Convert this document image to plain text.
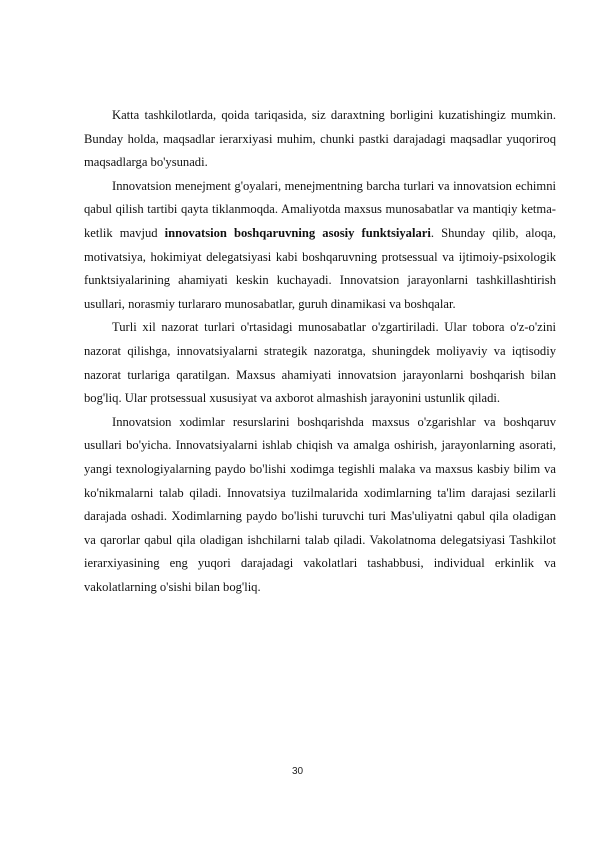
Katta tashkilotlarda, qoida tariqasida, siz daraxtning borligini kuzatishingiz mumkin. Bunday holda, maqsadlar ierarxiyasi muhim, chunki pastki darajadagi maqsadlar yuqoriroq maqsadlarga bo'ysunadi.

Innovatsion menejment g'oyalari, menejmentning barcha turlari va innovatsion echimni qabul qilish tartibi qayta tiklanmoqda. Amaliyotda maxsus munosabatlar va mantiqiy ketma-ketlik mavjud innovatsion boshqaruvning asosiy funktsiyalari. Shunday qilib, aloqa, motivatsiya, hokimiyat delegatsiyasi kabi boshqaruvning protsessual va ijtimoiy-psixologik funktsiyalarining ahamiyati keskin kuchayadi. Innovatsion jarayonlarni tashkillashtirish usullari, norasmiy turlararo munosabatlar, guruh dinamikasi va boshqalar.

Turli xil nazorat turlari o'rtasidagi munosabatlar o'zgartiriladi. Ular tobora o'z-o'zini nazorat qilishga, innovatsiyalarni strategik nazoratga, shuningdek moliyaviy va iqtisodiy nazorat turlariga qaratilgan. Maxsus ahamiyati innovatsion jarayonlarni boshqarish bilan bog'liq. Ular protsessual xususiyat va axborot almashish jarayonini ustunlik qiladi.

Innovatsion xodimlar resurslarini boshqarishda maxsus o'zgarishlar va boshqaruv usullari bo'yicha. Innovatsiyalarni ishlab chiqish va amalga oshirish, jarayonlarning asorati, yangi texnologiyalarning paydo bo'lishi xodimga tegishli malaka va maxsus kasbiy bilim va ko'nikmalarni talab qiladi. Innovatsiya tuzilmalarida xodimlarning ta'lim darajasi sezilarli darajada oshadi. Xodimlarning paydo bo'lishi turuvchi turi Mas'uliyatni qabul qila oladigan va qarorlar qabul qila oladigan ishchilarni talab qiladi. Vakolatnoma delegatsiyasi Tashkilot ierarxiyasining eng yuqori darajadagi vakolatlari tashabbusi, individual erkinlik va vakolatlarning o'sishi bilan bog'liq.

30
